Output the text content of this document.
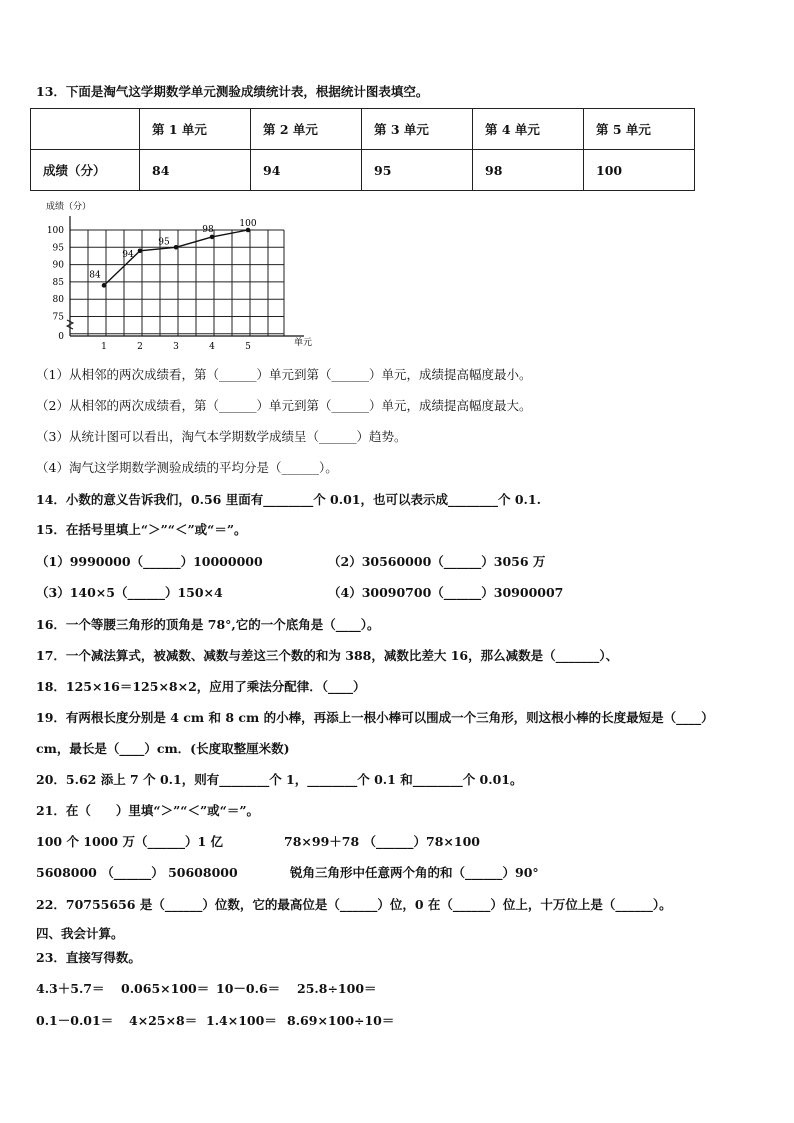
13．下面是淘气这学期数学单元测验成绩统计表，根据统计图表填空。
	第 1 单元	第 2 单元	第 3 单元	第 4 单元	第 5 单元
成绩（分）	84	94	95	98	100
成绩（分）
单元
0
75
80
85
90
95
100
1	2	3	4	5
84
94
95
98
100
（1）从相邻的两次成绩看，第（______）单元到第（______）单元，成绩提高幅度最小。
（2）从相邻的两次成绩看，第（______）单元到第（______）单元，成绩提高幅度最大。
（3）从统计图可以看出，淘气本学期数学成绩呈（______）趋势。
（4）淘气这学期数学测验成绩的平均分是（______）。
14．小数的意义告诉我们，0.56 里面有________个 0.01，也可以表示成________个 0.1.
15．在括号里填上“＞”“＜”或“＝”。
（1）9990000（______）10000000	（2）30560000（______）3056 万
（3）140×5（______）150×4	（4）30090700（______）30900007
16．一个等腰三角形的顶角是 78°,它的一个底角是（____）。
17．一个减法算式，被减数、减数与差这三个数的和为 388，减数比差大 16，那么减数是（_______）、
18．125×16＝125×8×2，应用了乘法分配律．（____）
19．有两根长度分别是 4 cm 和 8 cm 的小棒，再添上一根小棒可以围成一个三角形，则这根小棒的长度最短是（____）
cm，最长是（____）cm．(长度取整厘米数)
20．5.62 添上 7 个 0.1，则有________个 1，________个 0.1 和________个 0.01。
21．在（　　）里填“＞”“＜”或“＝”。
100 个 1000 万（______）1 亿	78×99＋78 （______）78×100
5608000 （______） 50608000	锐角三角形中任意两个角的和（______）90°
22．70755656 是（______）位数，它的最高位是（______）位，0 在（______）位上，十万位上是（______）。
四、我会计算。
23．直接写得数。
4.3＋5.7＝ 0.065×100＝ 10－0.6＝ 25.8÷100＝
0.1－0.01＝ 4×25×8＝ 1.4×100＝ 8.69×100÷10＝
